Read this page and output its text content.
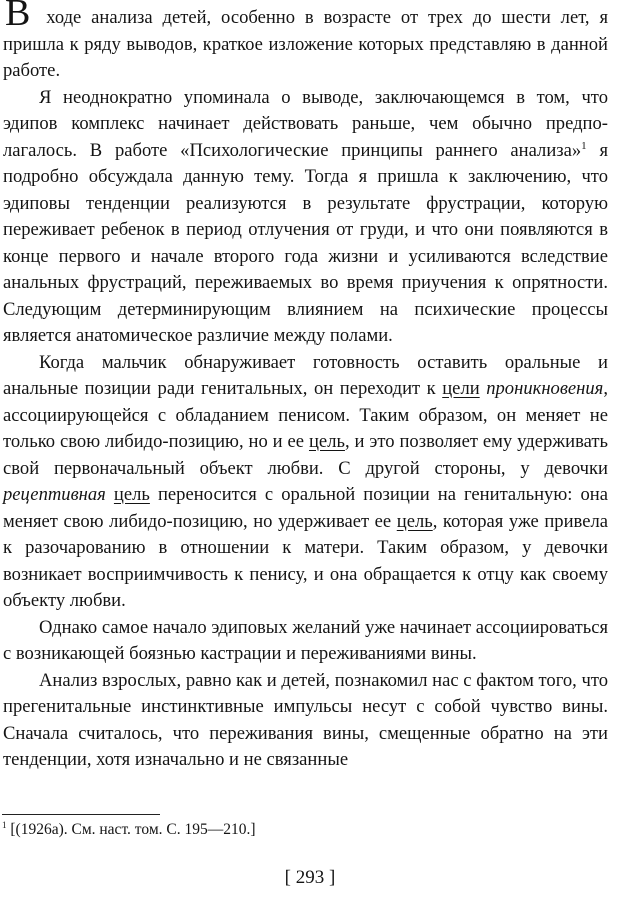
В ходе анализа детей, особенно в возрасте от трех до шести лет, я пришла к ряду выводов, краткое изложение которых представляю в данной работе.

Я неоднократно упоминала о выводе, заключающемся в том, что эдипов комплекс начинает действовать раньше, чем обычно предполагалось. В работе «Психологические принципы раннего анализа»$^1$ я подробно обсуждала данную тему. Тогда я пришла к заключению, что эдиповы тенденции реализуются в результате фрустрации, которую переживает ребенок в период отлучения от груди, и что они появляются в конце первого и начале второго года жизни и усиливаются вследствие анальных фрустраций, переживаемых во время приучения к опрятности. Следующим детерминирующим влиянием на психические процессы является анатомическое различие между полами.

Когда мальчик обнаруживает готовность оставить оральные и анальные позиции ради генитальных, он переходит к цели проникновения, ассоциирующейся с обладанием пенисом. Таким образом, он меняет не только свою либидо-позицию, но и ее цель, и это позволяет ему удерживать свой первоначальный объект любви. С другой стороны, у девочки рецептивная цель переносится с оральной позиции на генитальную: она меняет свою либидо-позицию, но удерживает ее цель, которая уже привела к разочарованию в отношении к матери. Таким образом, у девочки возникает восприимчивость к пенису, и она обращается к отцу как своему объекту любви.

Однако самое начало эдиповых желаний уже начинает ассоциироваться с возникающей боязнью кастрации и переживаниями вины.

Анализ взрослых, равно как и детей, познакомил нас с фактом того, что прегенитальные инстинктивные импульсы несут с собой чувство вины. Сначала считалось, что переживания вины, смещенные обратно на эти тенденции, хотя изначально и не связанные

$^1$ [(1926a). См. наст. том. С. 195—210.]
[ 293 ]
